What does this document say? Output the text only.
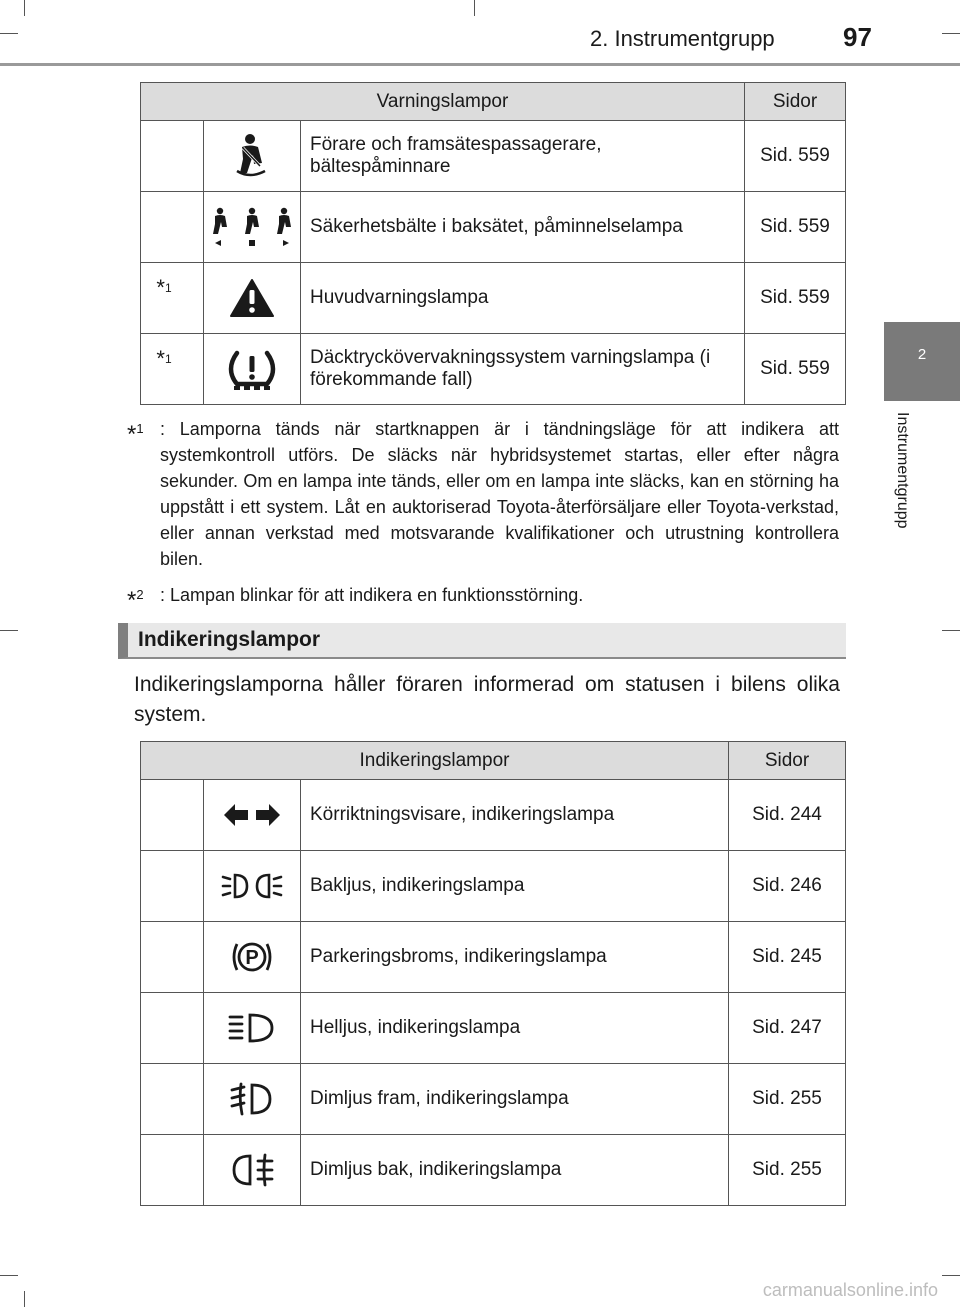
2. Instrumentgrupp	97
2
Instrumentgrupp
Varningslampor			Sidor
		Förare och framsätespassagerare, bältespåminnare	Sid. 559
		Säkerhetsbälte i baksätet, påminnelselampa	Sid. 559
*$^1$		Huvudvarningslampa	Sid. 559
*$^1$		Däcktryckövervakningssystem varningslampa (i förekommande fall)	Sid. 559
*$^1$ : Lamporna tänds när startknappen är i tändningsläge för att indikera att systemkontroll utförs. De släcks när hybridsystemet startas, eller efter några sekunder. Om en lampa inte tänds, eller om en lampa inte släcks, kan en störning ha uppstått i ett system. Låt en auktoriserad Toyota-återförsäljare eller Toyota-verkstad, eller annan verkstad med motsvarande kvalifikationer och utrustning kontrollera bilen.
*$^2$ : Lampan blinkar för att indikera en funktionsstörning.
Indikeringslampor
Indikeringslamporna håller föraren informerad om statusen i bilens olika system.
Indikeringslampor			Sidor
		Körriktningsvisare, indikeringslampa	Sid. 244
		Bakljus, indikeringslampa	Sid. 246

P	Parkeringsbroms, indikeringslampa	Sid. 245
		Helljus, indikeringslampa	Sid. 247
		Dimljus fram, indikeringslampa	Sid. 255
		Dimljus bak, indikeringslampa	Sid. 255
carmanualsonline.info
